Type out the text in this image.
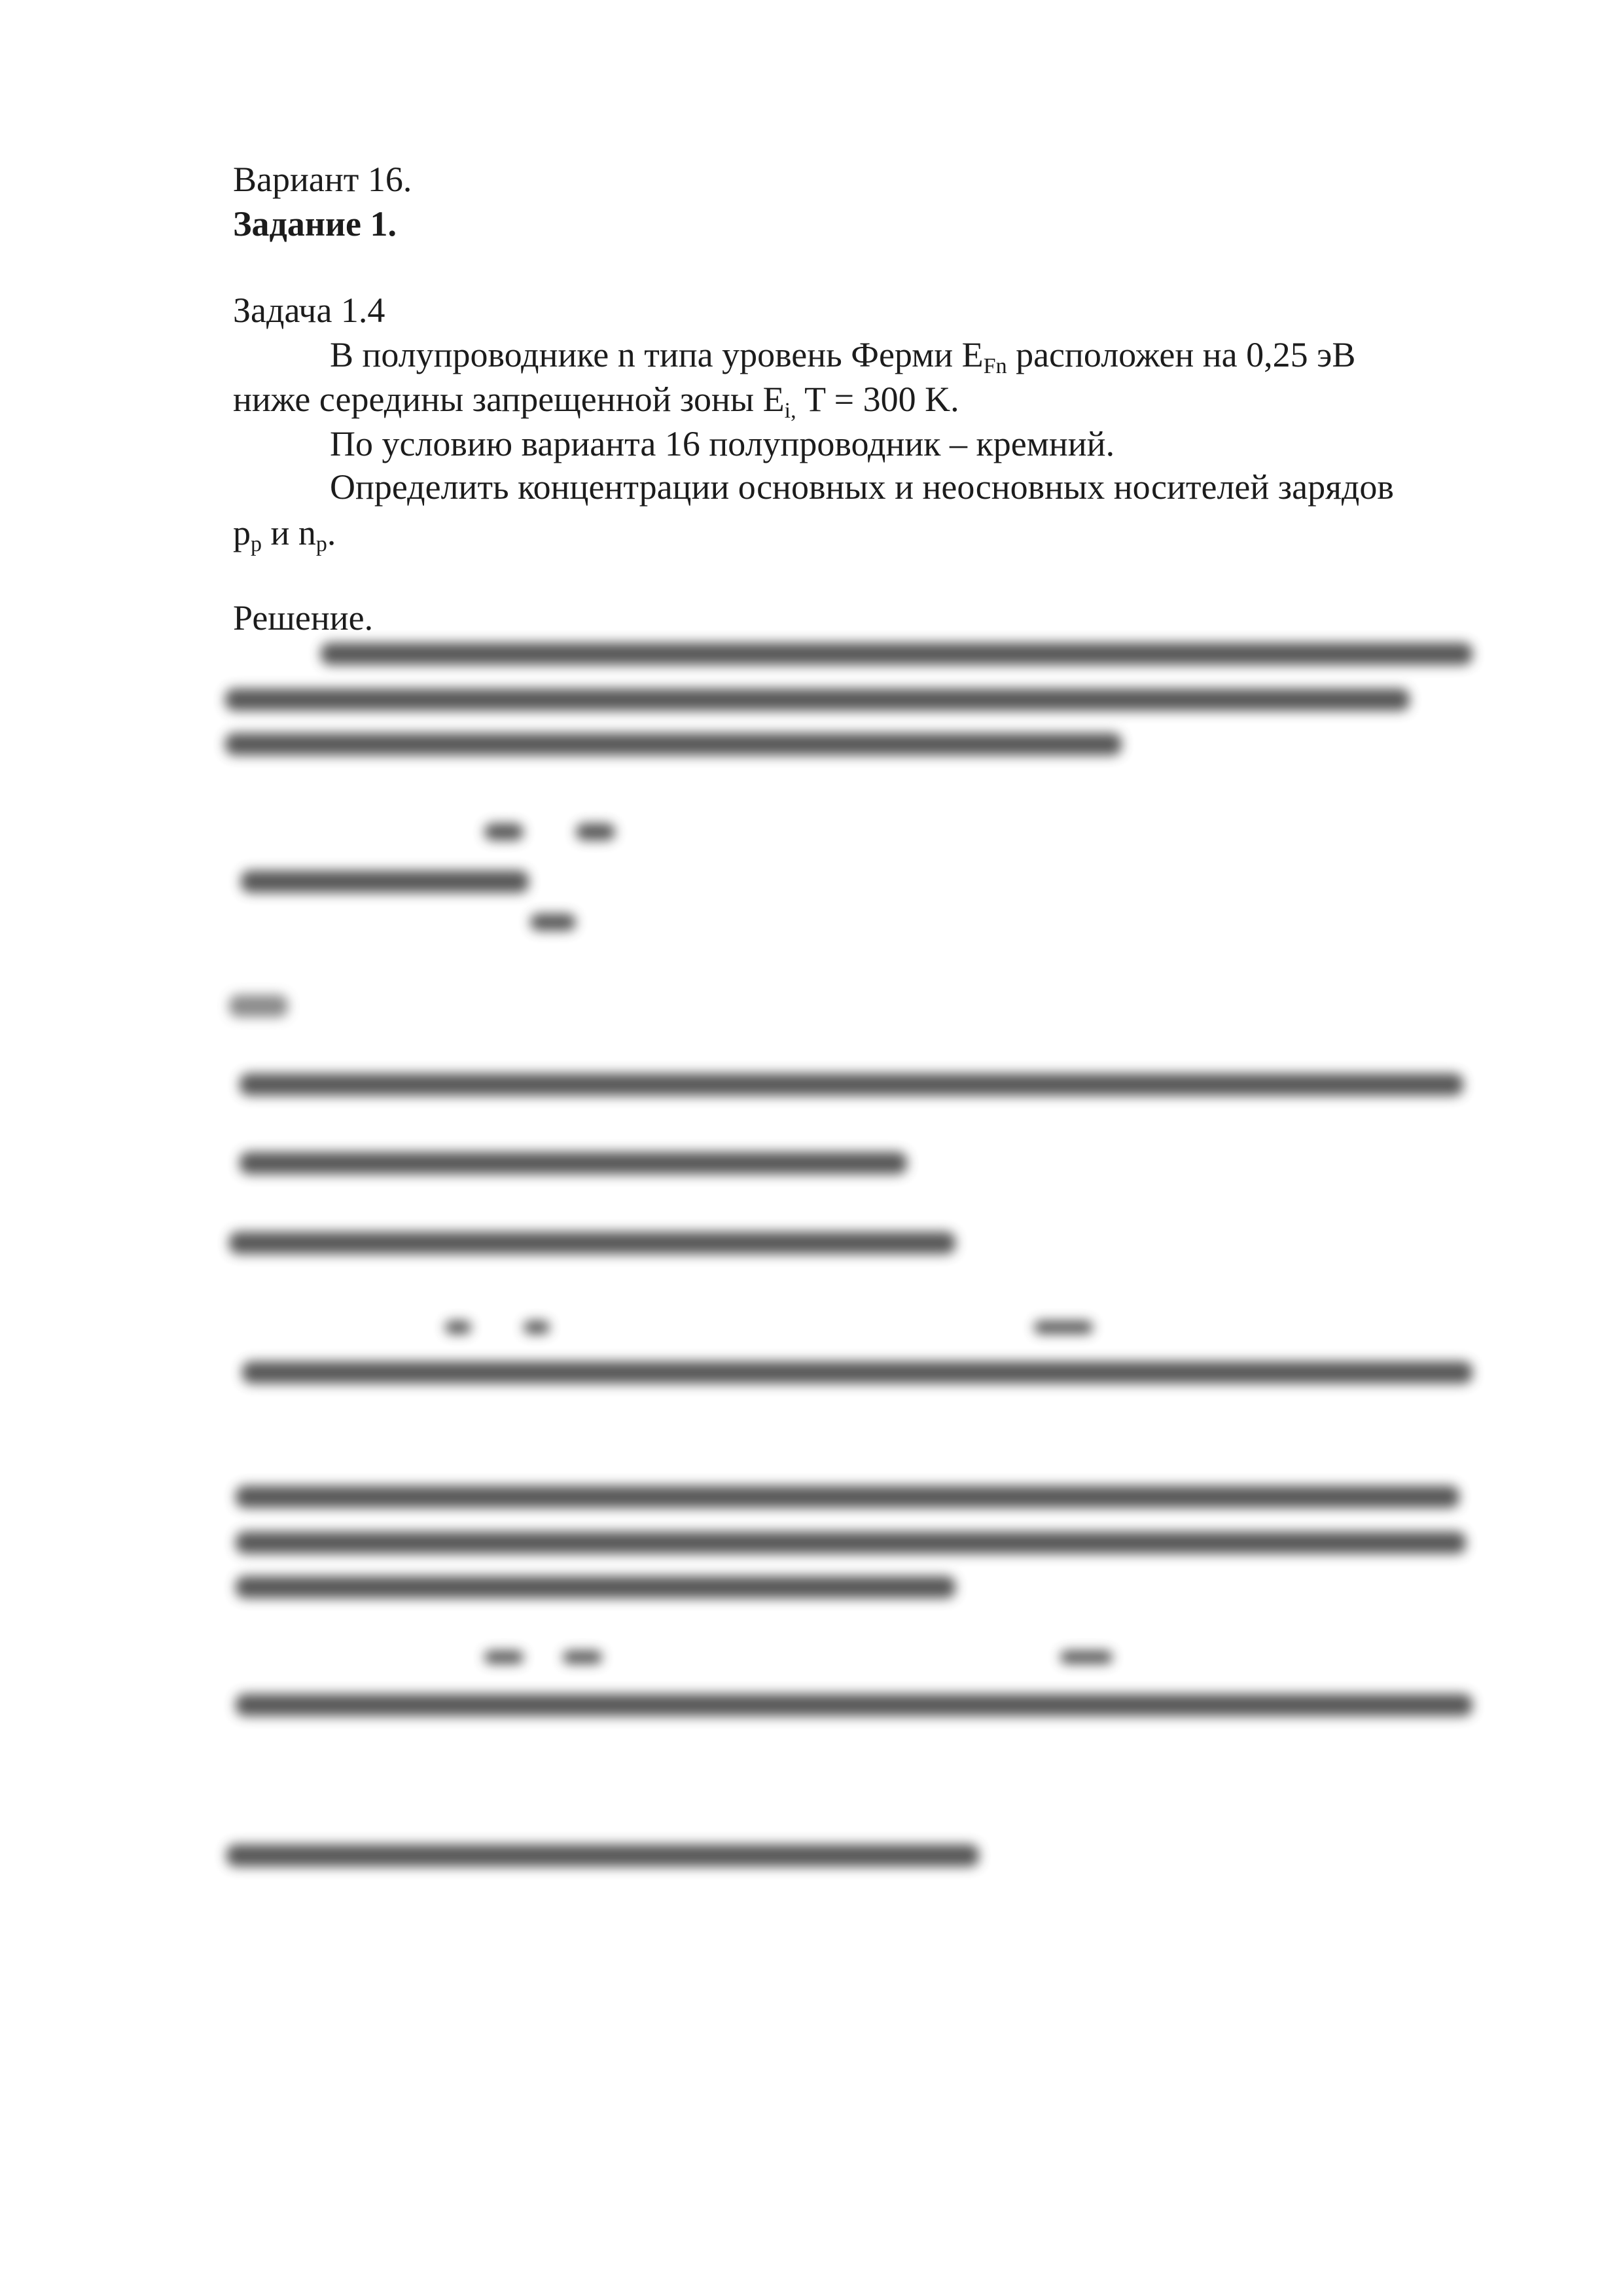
Вариант 16.
Задание 1.
Задача 1.4
В полупроводнике n типа уровень Ферми $E_{Fn}$ расположен на 0,25 эВ
ниже середины запрещенной зоны $E_{i,}$ T = 300 K.
По условию варианта 16 полупроводник – кремний.
Определить концентрации основных и неосновных носителей зарядов
$p_p$ и $n_p$.
Решение.
